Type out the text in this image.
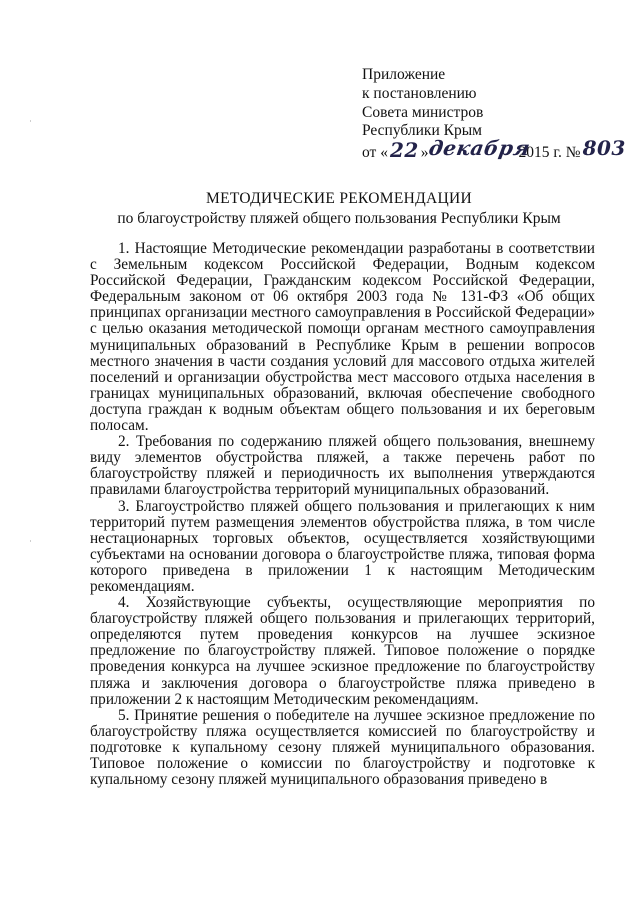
Приложение
к постановлению
Совета министров
Республики Крым
от « 22 »декабря2015 г. № 803
МЕТОДИЧЕСКИЕ РЕКОМЕНДАЦИИ
по благоустройству пляжей общего пользования Республики Крым

1. Настоящие Методические рекомендации разработаны в соответствии с Земельным кодексом Российской Федерации, Водным кодексом Российской Федерации, Гражданским кодексом Российской Федерации, Федеральным законом от 06 октября 2003 года № 131-ФЗ «Об общих принципах организации местного самоуправления в Российской Федерации» с целью оказания методической помощи органам местного самоуправления муниципальных образований в Республике Крым в решении вопросов местного значения в части создания условий для массового отдыха жителей поселений и организации обустройства мест массового отдыха населения в границах муниципальных образований, включая обеспечение свободного доступа граждан к водным объектам общего пользования и их береговым полосам.

2. Требования по содержанию пляжей общего пользования, внешнему виду элементов обустройства пляжей, а также перечень работ по благоустройству пляжей и периодичность их выполнения утверждаются правилами благоустройства территорий муниципальных образований.

3. Благоустройство пляжей общего пользования и прилегающих к ним территорий путем размещения элементов обустройства пляжа, в том числе нестационарных торговых объектов, осуществляется хозяйствующими субъектами на основании договора о благоустройстве пляжа, типовая форма которого приведена в приложении 1 к настоящим Методическим рекомендациям.

4. Хозяйствующие субъекты, осуществляющие мероприятия по благоустройству пляжей общего пользования и прилегающих территорий, определяются путем проведения конкурсов на лучшее эскизное предложение по благоустройству пляжей. Типовое положение о порядке проведения конкурса на лучшее эскизное предложение по благоустройству пляжа и заключения договора о благоустройстве пляжа приведено в приложении 2 к настоящим Методическим рекомендациям.

5. Принятие решения о победителе на лучшее эскизное предложение по благоустройству пляжа осуществляется комиссией по благоустройству и подготовке к купальному сезону пляжей муниципального образования. Типовое положение о комиссии по благоустройству и подготовке к купальному сезону пляжей муниципального образования приведено в
